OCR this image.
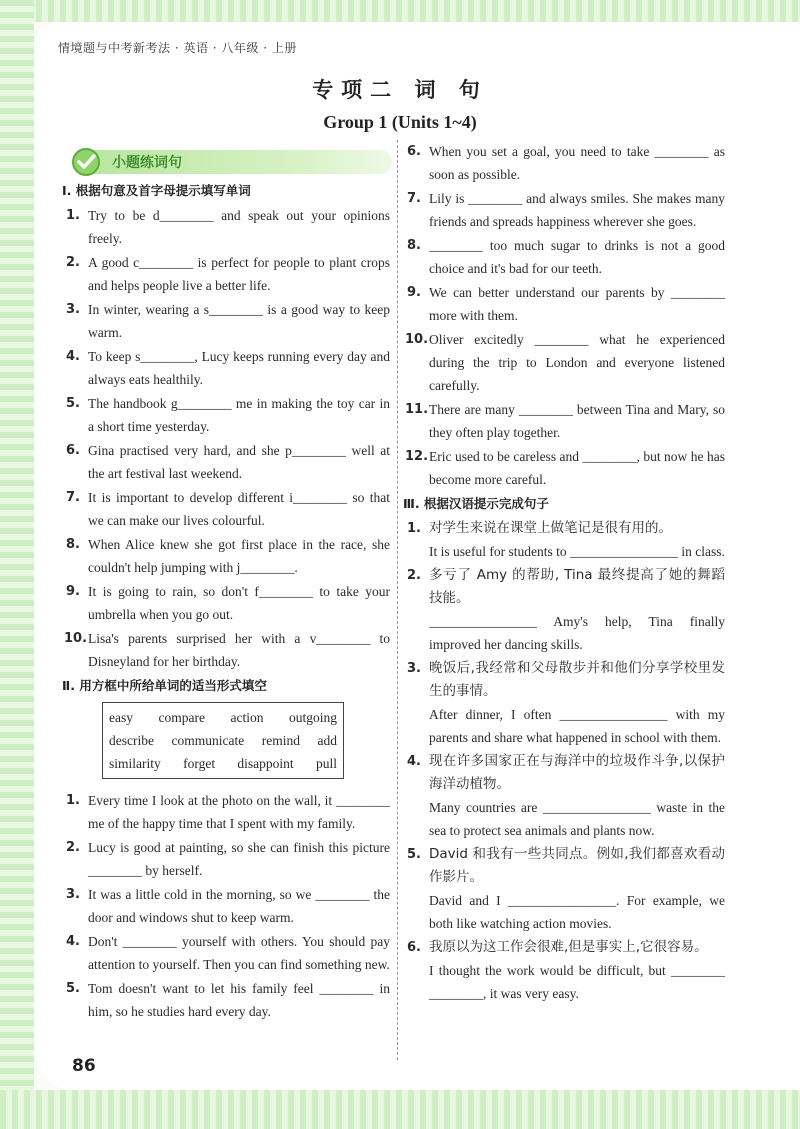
情境题与中考新考法 · 英语 · 八年级 · 上册
专项二 词 句
Group 1 (Units 1~4)
小题练词句
Ⅰ. 根据句意及首字母提示填写单词
1. Try to be d________ and speak out your opinions freely.
2. A good c________ is perfect for people to plant crops and helps people live a better life.
3. In winter, wearing a s________ is a good way to keep warm.
4. To keep s________, Lucy keeps running every day and always eats healthily.
5. The handbook g________ me in making the toy car in a short time yesterday.
6. Gina practised very hard, and she p________ well at the art festival last weekend.
7. It is important to develop different i________ so that we can make our lives colourful.
8. When Alice knew she got first place in the race, she couldn't help jumping with j________.
9. It is going to rain, so don't f________ to take your umbrella when you go out.
10. Lisa's parents surprised her with a v________ to Disneyland for her birthday.
Ⅱ. 用方框中所给单词的适当形式填空
easy compare action outgoing
describe communicate remind add
similarity forget disappoint pull
1. Every time I look at the photo on the wall, it ________ me of the happy time that I spent with my family.
2. Lucy is good at painting, so she can finish this picture ________ by herself.
3. It was a little cold in the morning, so we ________ the door and windows shut to keep warm.
4. Don't ________ yourself with others. You should pay attention to yourself. Then you can find something new.
5. Tom doesn't want to let his family feel ________ in him, so he studies hard every day.
6. When you set a goal, you need to take ________ as soon as possible.
7. Lily is ________ and always smiles. She makes many friends and spreads happiness wherever she goes.
8. ________ too much sugar to drinks is not a good choice and it's bad for our teeth.
9. We can better understand our parents by ________ more with them.
10. Oliver excitedly ________ what he experienced during the trip to London and everyone listened carefully.
11. There are many ________ between Tina and Mary, so they often play together.
12. Eric used to be careless and ________, but now he has become more careful.
Ⅲ. 根据汉语提示完成句子
1. 对学生来说在课堂上做笔记是很有用的。
It is useful for students to ________________ in class.
2. 多亏了 Amy 的帮助, Tina 最终提高了她的舞蹈技能。
________________ Amy's help, Tina finally improved her dancing skills.
3. 晚饭后,我经常和父母散步并和他们分享学校里发生的事情。
After dinner, I often ________________ with my parents and share what happened in school with them.
4. 现在许多国家正在与海洋中的垃圾作斗争,以保护海洋动植物。
Many countries are ________________ waste in the sea to protect sea animals and plants now.
5. David 和我有一些共同点。例如,我们都喜欢看动作影片。
David and I ________________. For example, we both like watching action movies.
6. 我原以为这工作会很难,但是事实上,它很容易。
I thought the work would be difficult, but ________ ________, it was very easy.
86
